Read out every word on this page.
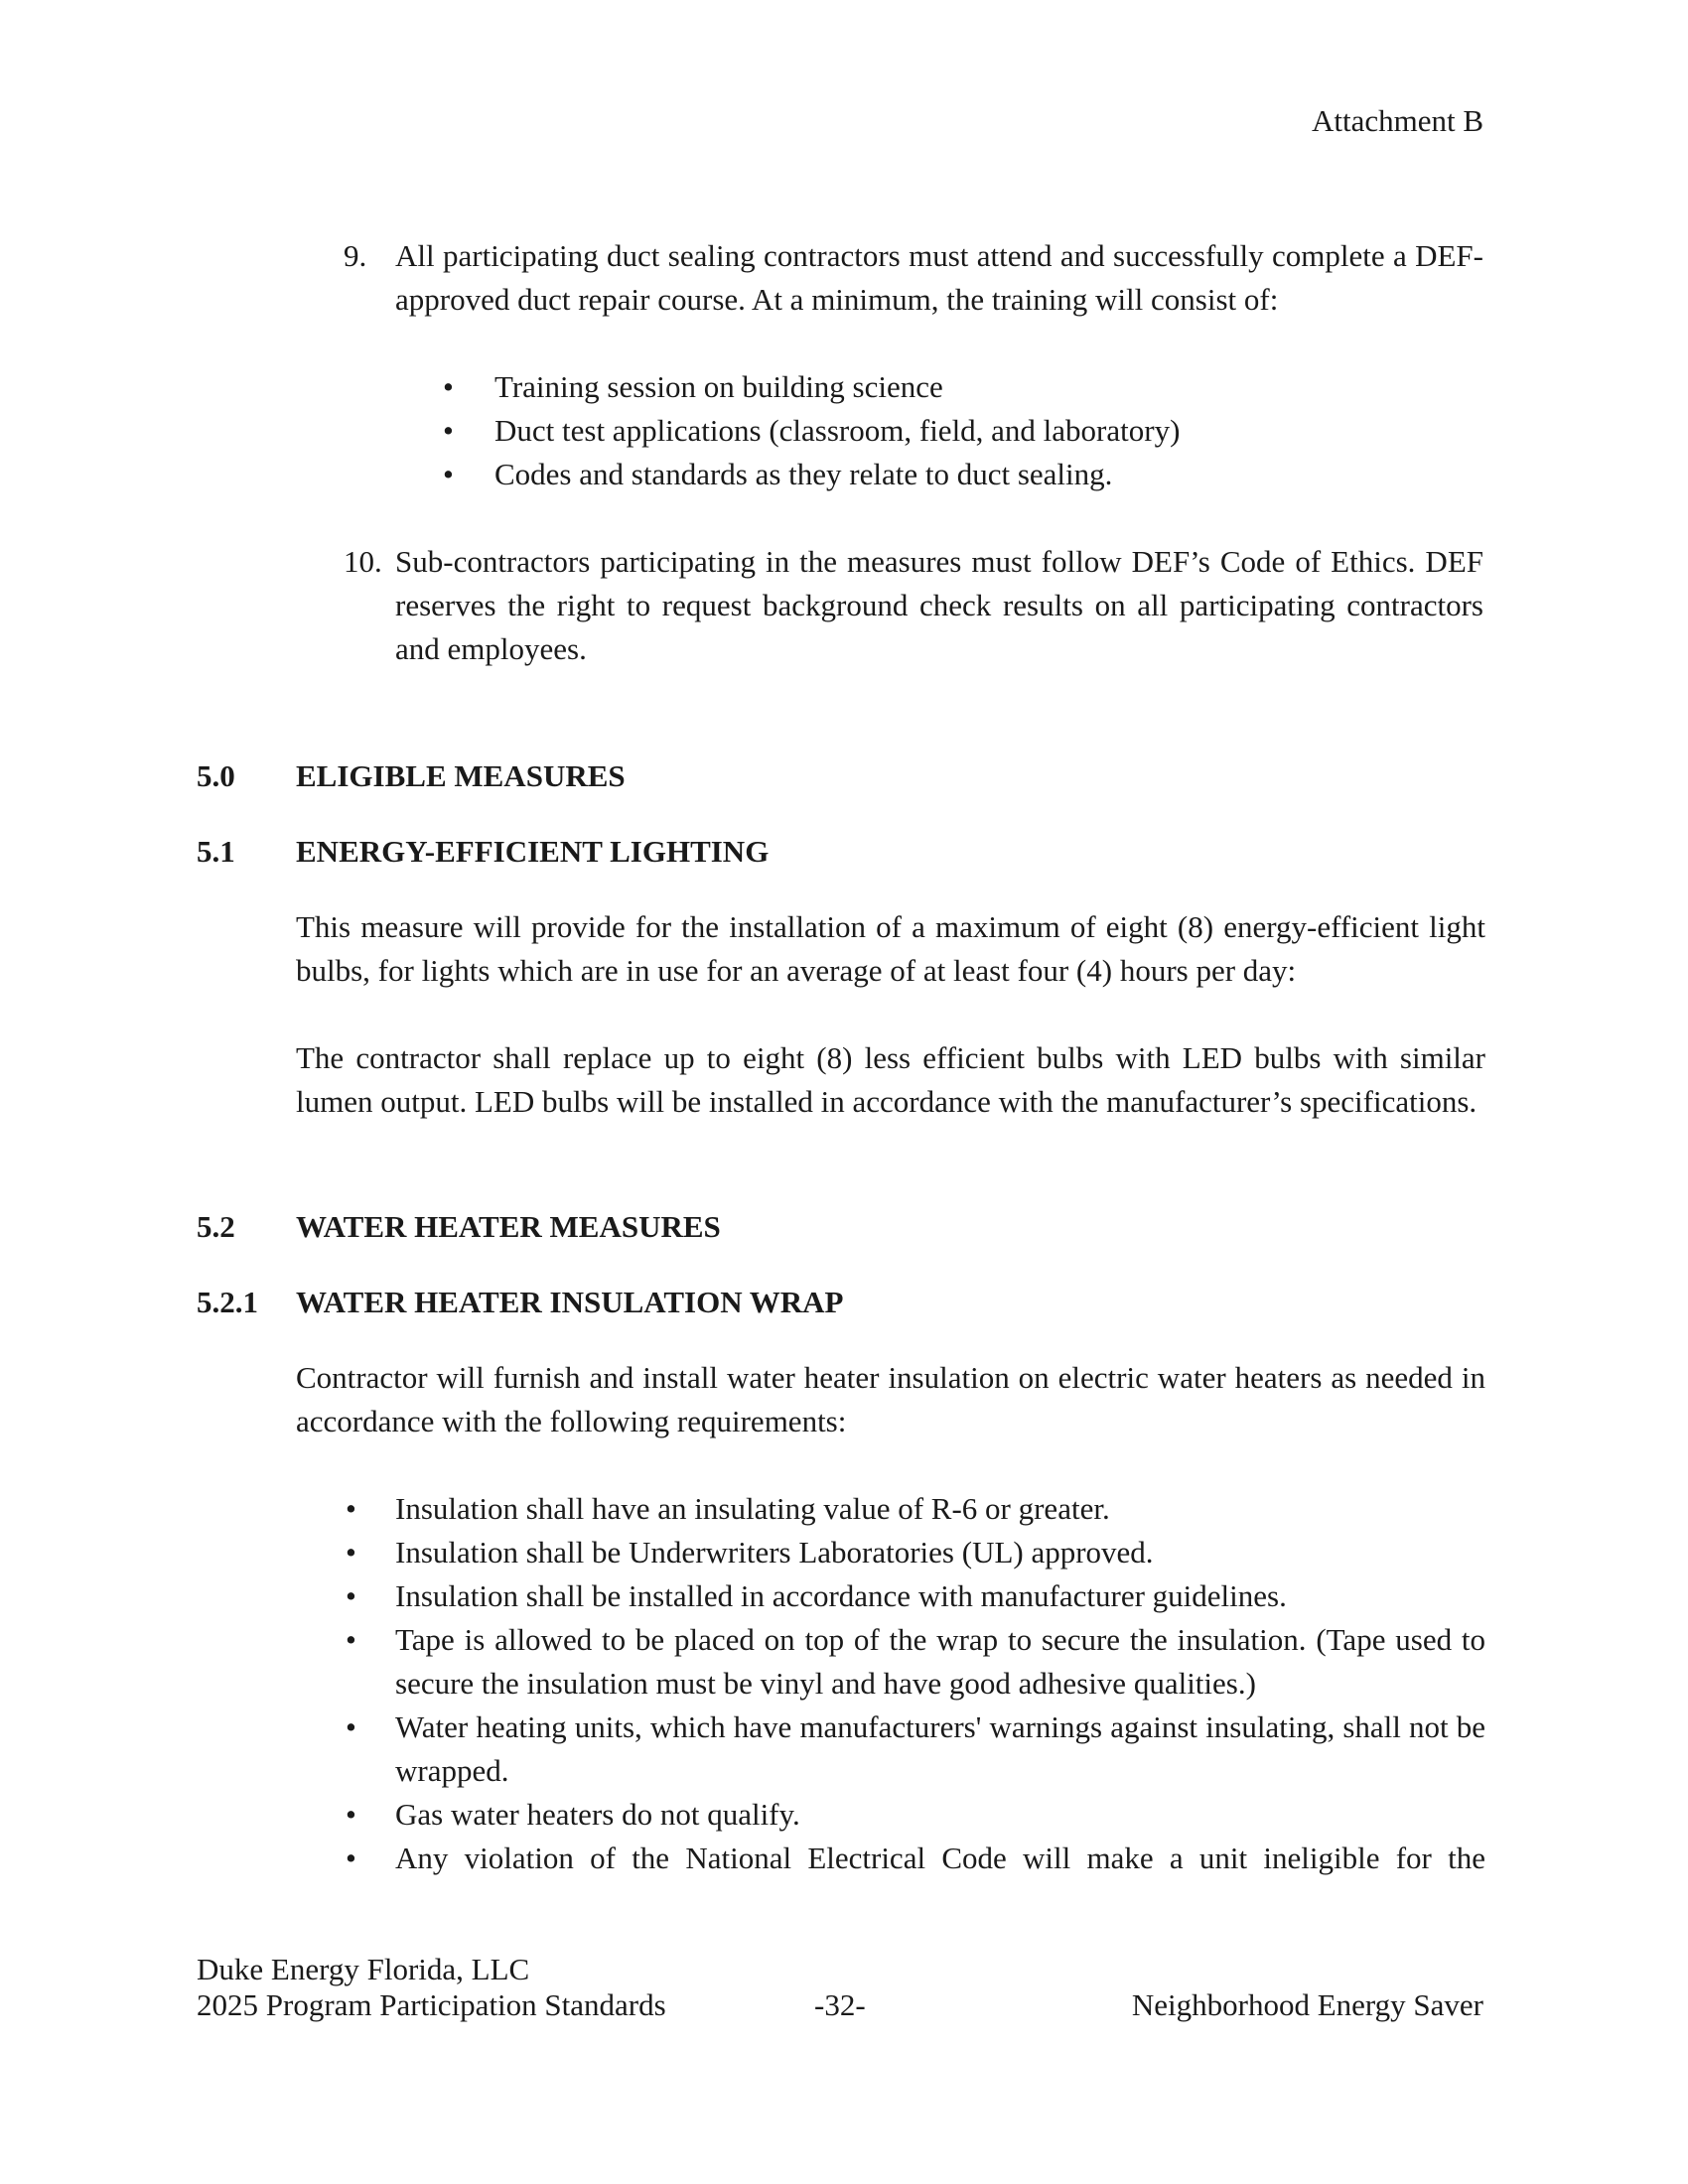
Attachment B
9. All participating duct sealing contractors must attend and successfully complete a DEF-approved duct repair course. At a minimum, the training will consist of:
• Training session on building science
• Duct test applications (classroom, field, and laboratory)
• Codes and standards as they relate to duct sealing.
10. Sub-contractors participating in the measures must follow DEF’s Code of Ethics. DEF reserves the right to request background check results on all participating contractors and employees.
5.0 ELIGIBLE MEASURES
5.1 ENERGY-EFFICIENT LIGHTING
This measure will provide for the installation of a maximum of eight (8) energy-efficient light bulbs, for lights which are in use for an average of at least four (4) hours per day:
The contractor shall replace up to eight (8) less efficient bulbs with LED bulbs with similar lumen output. LED bulbs will be installed in accordance with the manufacturer’s specifications.
5.2 WATER HEATER MEASURES
5.2.1 WATER HEATER INSULATION WRAP
Contractor will furnish and install water heater insulation on electric water heaters as needed in accordance with the following requirements:
• Insulation shall have an insulating value of R-6 or greater.
• Insulation shall be Underwriters Laboratories (UL) approved.
• Insulation shall be installed in accordance with manufacturer guidelines.
• Tape is allowed to be placed on top of the wrap to secure the insulation. (Tape used to secure the insulation must be vinyl and have good adhesive qualities.)
• Water heating units, which have manufacturers' warnings against insulating, shall not be wrapped.
• Gas water heaters do not qualify.
• Any violation of the National Electrical Code will make a unit ineligible for the
Duke Energy Florida, LLC
2025 Program Participation Standards	-32-	Neighborhood Energy Saver
